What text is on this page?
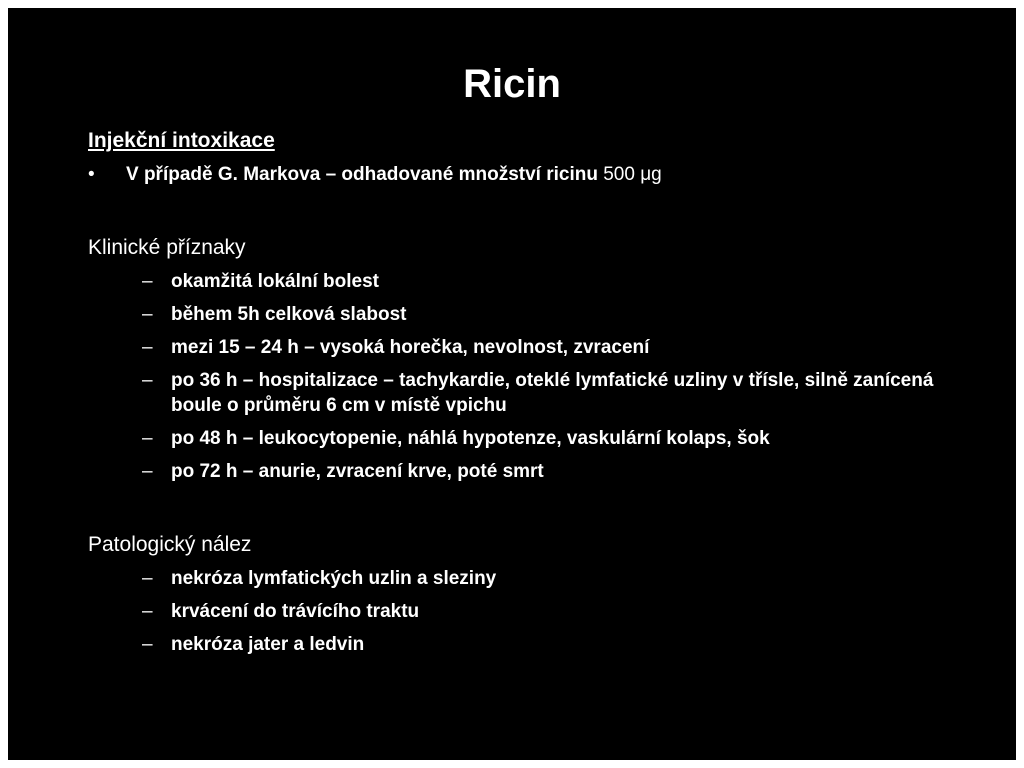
Ricin
Injekční intoxikace
• V případě G. Markova – odhadované množství ricinu 500 μg
Klinické příznaky
– okamžitá lokální bolest
– během 5h celková slabost
– mezi 15 – 24 h – vysoká horečka, nevolnost, zvracení
– po 36 h – hospitalizace – tachykardie, oteklé lymfatické uzliny v třísle, silně zanícená boule o průměru 6 cm v místě vpichu
– po 48 h – leukocytopenie, náhlá hypotenze, vaskulární kolaps, šok
– po 72 h – anurie, zvracení krve, poté smrt
Patologický nález
– nekróza lymfatických uzlin a sleziny
– krvácení do trávícího traktu
– nekróza jater a ledvin
